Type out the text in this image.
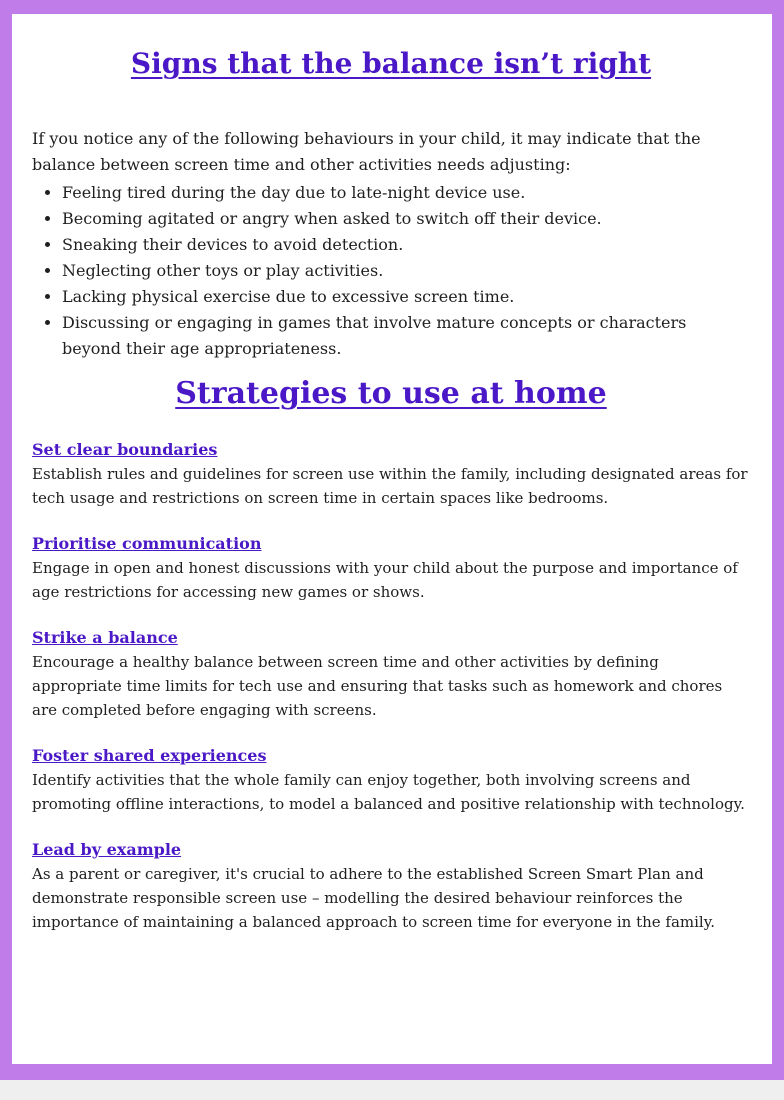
Signs that the balance isn’t right

If you notice any of the following behaviours in your child, it may indicate that the balance between screen time and other activities needs adjusting:

• Feeling tired during the day due to late-night device use.
• Becoming agitated or angry when asked to switch off their device.
• Sneaking their devices to avoid detection.
• Neglecting other toys or play activities.
• Lacking physical exercise due to excessive screen time.
• Discussing or engaging in games that involve mature concepts or characters beyond their age appropriateness.
Strategies to use at home
Set clear boundaries

Establish rules and guidelines for screen use within the family, including designated areas for tech usage and restrictions on screen time in certain spaces like bedrooms.

Prioritise communication

Engage in open and honest discussions with your child about the purpose and importance of age restrictions for accessing new games or shows.

Strike a balance

Encourage a healthy balance between screen time and other activities by defining appropriate time limits for tech use and ensuring that tasks such as homework and chores are completed before engaging with screens.

Foster shared experiences

Identify activities that the whole family can enjoy together, both involving screens and promoting offline interactions, to model a balanced and positive relationship with technology.

Lead by example

As a parent or caregiver, it's crucial to adhere to the established Screen Smart Plan and demonstrate responsible screen use – modelling the desired behaviour reinforces the importance of maintaining a balanced approach to screen time for everyone in the family.
